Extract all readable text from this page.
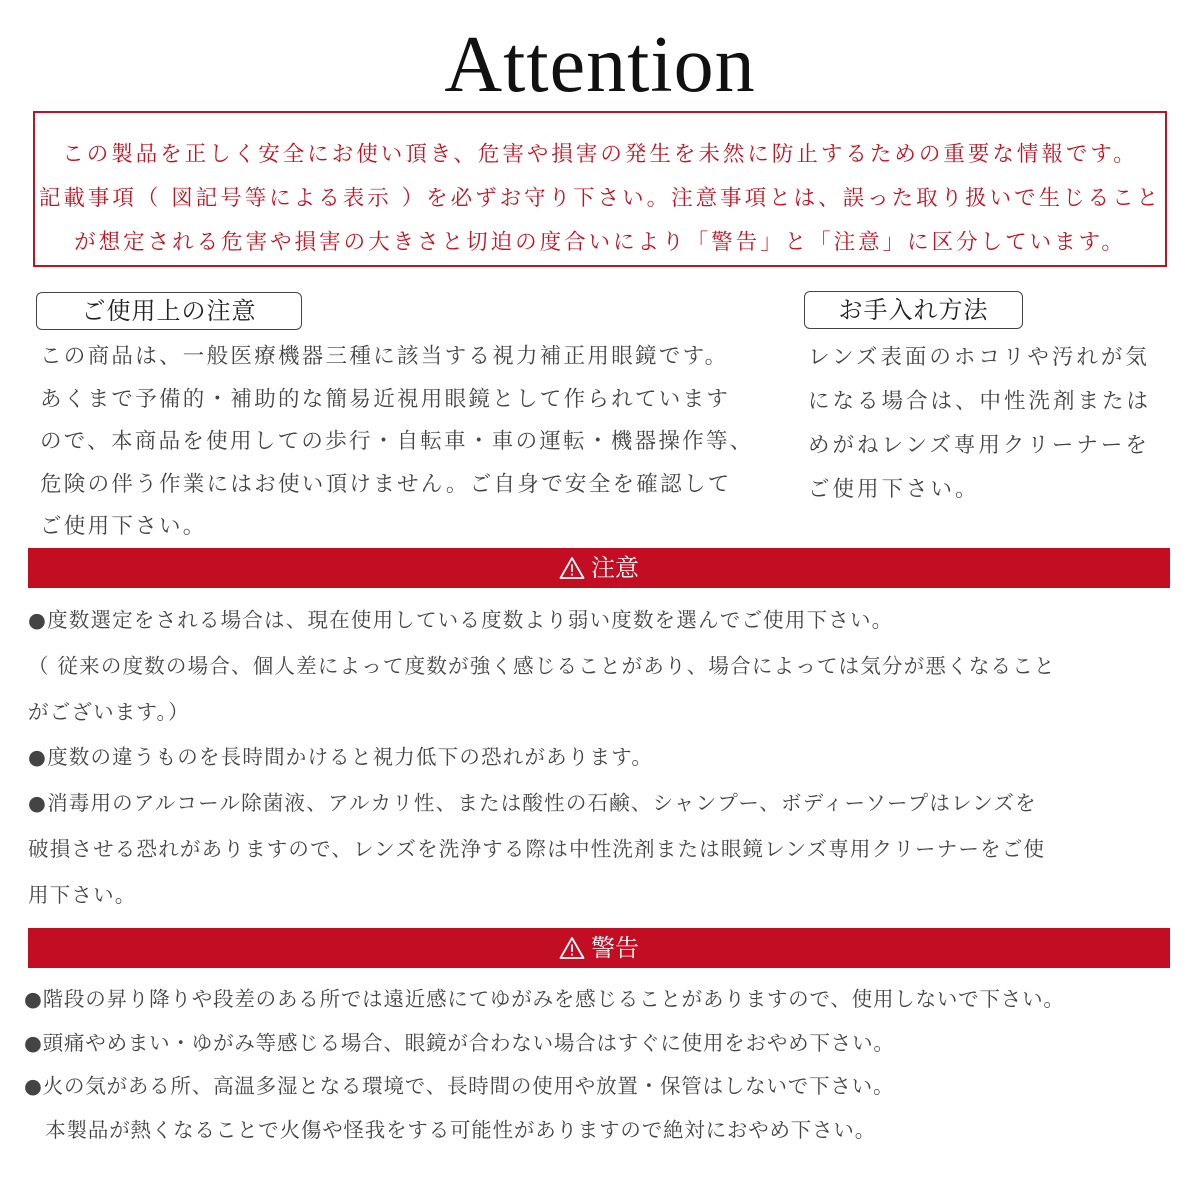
Attention
この製品を正しく安全にお使い頂き、危害や損害の発生を未然に防止するための重要な情報です。
記載事項（ 図記号等による表示 ）を必ずお守り下さい。注意事項とは、誤った取り扱いで生じること
が想定される危害や損害の大きさと切迫の度合いにより「警告」と「注意」に区分しています。
ご使用上の注意
この商品は、一般医療機器三種に該当する視力補正用眼鏡です。
あくまで予備的・補助的な簡易近視用眼鏡として作られています
ので、本商品を使用しての歩行・自転車・車の運転・機器操作等、
危険の伴う作業にはお使い頂けません。ご自身で安全を確認して
ご使用下さい。
お手入れ方法
レンズ表面のホコリや汚れが気
になる場合は、中性洗剤または
めがねレンズ専用クリーナーを
ご使用下さい。
注意
●度数選定をされる場合は、現在使用している度数より弱い度数を選んでご使用下さい。
（ 従来の度数の場合、個人差によって度数が強く感じることがあり、場合によっては気分が悪くなること
がございます。）
●度数の違うものを長時間かけると視力低下の恐れがあります。
●消毒用のアルコール除菌液、アルカリ性、または酸性の石鹸、シャンプー、ボディーソープはレンズを
破損させる恐れがありますので、レンズを洗浄する際は中性洗剤または眼鏡レンズ専用クリーナーをご使
用下さい。
警告
●階段の昇り降りや段差のある所では遠近感にてゆがみを感じることがありますので、使用しないで下さい。
●頭痛やめまい・ゆがみ等感じる場合、眼鏡が合わない場合はすぐに使用をおやめ下さい。
●火の気がある所、高温多湿となる環境で、長時間の使用や放置・保管はしないで下さい。
　本製品が熱くなることで火傷や怪我をする可能性がありますので絶対におやめ下さい。
